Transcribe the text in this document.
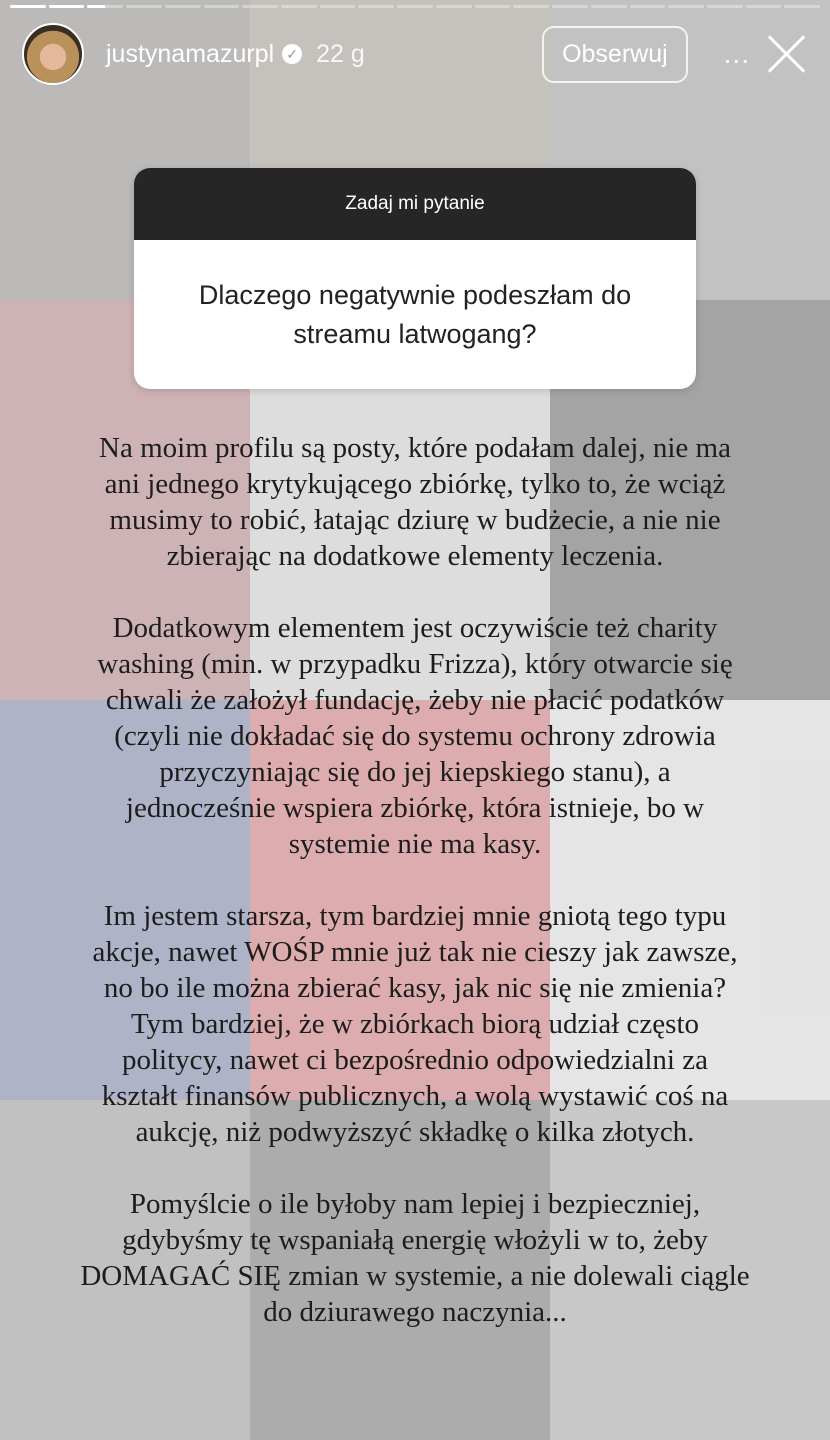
justynamazurpl ✓ 22 g	Obserwuj	...
Zadaj mi pytanie
Dlaczego negatywnie podeszłam do streamu latwogang?
Na moim profilu są posty, które podałam dalej, nie ma
ani jednego krytykującego zbiórkę, tylko to, że wciąż
musimy to robić, łatając dziurę w budżecie, a nie nie
zbierając na dodatkowe elementy leczenia.
Dodatkowym elementem jest oczywiście też charity
washing (min. w przypadku Frizza), który otwarcie się
chwali że założył fundację, żeby nie płacić podatków
(czyli nie dokładać się do systemu ochrony zdrowia
przyczyniając się do jej kiepskiego stanu), a
jednocześnie wspiera zbiórkę, która istnieje, bo w
systemie nie ma kasy.
Im jestem starsza, tym bardziej mnie gniotą tego typu
akcje, nawet WOŚP mnie już tak nie cieszy jak zawsze,
no bo ile można zbierać kasy, jak nic się nie zmienia?
Tym bardziej, że w zbiórkach biorą udział często
politycy, nawet ci bezpośrednio odpowiedzialni za
kształt finansów publicznych, a wolą wystawić coś na
aukcję, niż podwyższyć składkę o kilka złotych.
Pomyślcie o ile byłoby nam lepiej i bezpieczniej,
gdybyśmy tę wspaniałą energię włożyli w to, żeby
DOMAGAĆ SIĘ zmian w systemie, a nie dolewali ciągle
do dziurawego naczynia...
